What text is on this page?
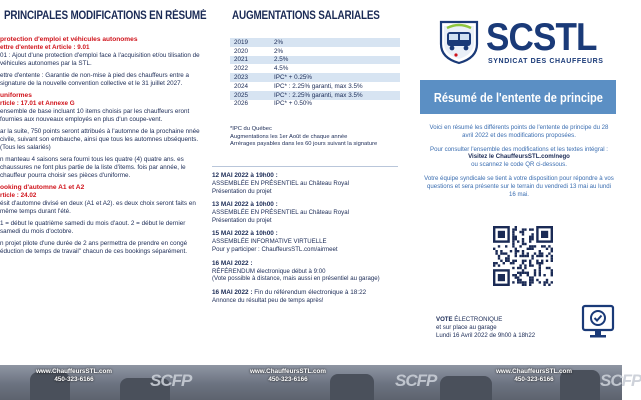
PRINCIPALES MODIFICATIONS EN RÉSUMÉ
protection d'emploi et véhicules autonomes
ettre d'entente et Article : 9.01

01 : Ajout d'une protection d'emploi face à l'acquisition et/ou tilisation de véhicules autonomes par la STL.

ettre d'entente : Garantie de non-mise à pied des chauffeurs entre a signature de la nouvelle convention collective et le 31 juillet 2027.

uniformes
rticle : 17.01 et Annexe G

ensemble de base incluant 10 items choisis par les chauffeurs eront fournies aux nouveaux employés en plus d'un coupe-vent.

ar la suite, 750 points seront attribués à l'automne de la prochaine nnée civile, suivant son embauche, ainsi que tous les automnes ubséquents. (Tous les salariés)

n manteau 4 saisons sera fourni tous les quatre (4) quatre ans. es chaussures ne font plus partie de la liste d'items. fois par année, le chauffeur pourra choisir ses pièces d'uniforme.

ooking d'automne A1 et A2
rticle : 24.02

ésit d'automne divisé en deux (A1 et A2). es deux choix seront faits en même temps durant l'été.

1 = début le quatrième samedi du mois d'aout. 2 = début le dernier samedi du mois d'octobre.

n projet pilote d'une durée de 2 ans permettra de prendre en congé éduction de temps de travail" chacun de ces bookings séparément.

AUGMENTATIONS SALARIALES
2019	2%
2020	2%
2021	2.5%
2022	4.5%
2023	IPC* + 0.25%
2024	IPC* : 2.25% garanti, max 3.5%
2025	IPC* : 2.25% garanti, max 3.5%
2026	IPC* + 0.50%
*IPC du Québec
Augmentations les 1er Août de chaque année
Arrérages payables dans les 60 jours suivant la signature
12 MAI 2022 à 19h00 :
ASSEMBLÉE EN PRÉSENTIEL au Château Royal
Présentation du projet
13 MAI 2022 à 10h00 :
ASSEMBLÉE EN PRÉSENTIEL au Château Royal
Présentation du projet
15 MAI 2022 à 10h00 :
ASSEMBLÉE INFORMATIVE VIRTUELLE
Pour y participer : ChauffeursSTL.com/airmeet
16 MAI 2022 :
RÉFÉRENDUM électronique début à 9:00
(Vote possible à distance, mais aussi en présentiel au garage)
16 MAI 2022 : Fin du référendum électronique à 18:22
Annonce du résultat peu de temps après!
SCSTL
SYNDICAT DES CHAUFFEURS
Résumé de l'entente de principe
Voici en résumé les différents points de l'entente de principe du 28 avril 2022 et des modifications proposées.
Pour consulter l'ensemble des modifications et les textes intégral :
Visitez le ChauffeursSTL.com/nego
ou scannez le code QR ci-dessous.
Votre équipe syndicale se tient à votre disposition pour répondre à vos questions et sera présente sur le terrain du vendredi 13 mai au lundi 16 mai.
VOTE ÉLECTRONIQUE
et sur place au garage
Lundi 16 Avril 2022 de 9h00 à 18h22
SCFP	SCFP	SCFP
www.ChauffeursSTL.com
450-323-6166
www.ChauffeursSTL.com
450-323-6166
www.ChauffeursSTL.com
450-323-6166
